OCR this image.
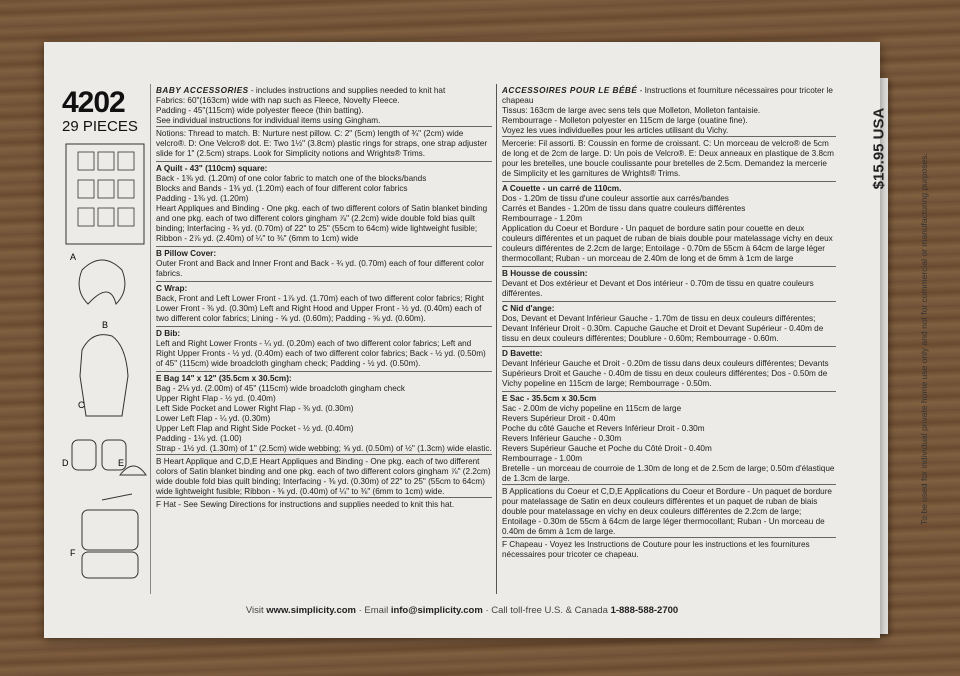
4202
29 PIECES	$15.95 USA
A
B
C
D	E
F

BABY ACCESSORIES - includes instructions and supplies needed to knit hat

Fabrics: 60"(163cm) wide with nap such as Fleece, Novelty Fleece.

Padding - 45"(115cm) wide polyester fleece (thin batting).

See individual instructions for individual items using Gingham.

Notions: Thread to match. B: Nurture nest pillow. C: 2" (5cm) length of ¾" (2cm) wide velcro®. D: One Velcro® dot. E: Two 1½" (3.8cm) plastic rings for straps, one strap adjuster slide for 1" (2.5cm) straps. Look for Simplicity notions and Wrights® Trims.

A Quilt - 43" (110cm) square:

Back - 1⅜ yd. (1.20m) of one color fabric to match one of the blocks/bands

Blocks and Bands - 1⅜ yd. (1.20m) each of four different color fabrics

Padding - 1⅜ yd. (1.20m)

Heart Appliques and Binding - One pkg. each of two different colors of Satin blanket binding and one pkg. each of two different colors gingham ⅞" (2.2cm) wide double fold bias quilt binding; Interfacing - ¾ yd. (0.70m) of 22" to 25" (55cm to 64cm) wide lightweight fusible; Ribbon - 2⅞ yd. (2.40m) of ¼" to ⅜" (6mm to 1cm) wide

B Pillow Cover:

Outer Front and Back and Inner Front and Back - ¾ yd. (0.70m) each of four different color fabrics.

C Wrap:

Back, Front and Left Lower Front - 1⅞ yd. (1.70m) each of two different color fabrics; Right Lower Front - ⅜ yd. (0.30m) Left and Right Hood and Upper Front - ½ yd. (0.40m) each of two different color fabrics; Lining - ⅝ yd. (0.60m); Padding - ⅝ yd. (0.60m).

D Bib:

Left and Right Lower Fronts - ¼ yd. (0.20m) each of two different color fabrics; Left and Right Upper Fronts - ½ yd. (0.40m) each of two different color fabrics; Back - ½ yd. (0.50m) of 45" (115cm) wide broadcloth gingham check; Padding - ½ yd. (0.50m).

E Bag 14" x 12" (35.5cm x 30.5cm):

Bag - 2⅛ yd. (2.00m) of 45" (115cm) wide broadcloth gingham check

Upper Right Flap - ½ yd. (0.40m)

Left Side Pocket and Lower Right Flap - ⅜ yd. (0.30m)

Lower Left Flap - ¼ yd. (0.30m)

Upper Left Flap and Right Side Pocket - ½ yd. (0.40m)

Padding - 1⅛ yd. (1.00)

Strap - 1½ yd. (1.30m) of 1" (2.5cm) wide webbing; ⅝ yd. (0.50m) of ½" (1.3cm) wide elastic.

B Heart Applique and C,D,E Heart Appliques and Binding - One pkg. each of two different colors of Satin blanket binding and one pkg. each of two different colors gingham ⅞" (2.2cm) wide double fold bias quilt binding; Interfacing - ⅜ yd. (0.30m) of 22" to 25" (55cm to 64cm) wide lightweight fusible; Ribbon - ⅜ yd. (0.40m) of ¼" to ⅜" (6mm to 1cm) wide.

F Hat - See Sewing Directions for instructions and supplies needed to knit this hat.

ACCESSOIRES POUR LE BÉBÉ - Instructions et fourniture nécessaires pour tricoter le chapeau

Tissus: 163cm de large avec sens tels que Molleton, Molleton fantaisie.

Rembourrage - Molleton polyester en 115cm de large (ouatine fine).

Voyez les vues individuelles pour les articles utilisant du Vichy.

Mercerie: Fil assorti. B: Coussin en forme de croissant. C: Un morceau de velcro® de 5cm de long et de 2cm de large. D: Un pois de Velcro®. E: Deux anneaux en plastique de 3.8cm pour les bretelles, une boucle coulissante pour bretelles de 2.5cm. Demandez la mercerie de Simplicity et les garnitures de Wrights® Trims.

A Couette - un carré de 110cm.

Dos - 1.20m de tissu d'une couleur assortie aux carrés/bandes

Carrés et Bandes - 1.20m de tissu dans quatre couleurs différentes

Rembourrage - 1.20m

Application du Coeur et Bordure - Un paquet de bordure satin pour couette en deux couleurs différentes et un paquet de ruban de biais double pour matelassage vichy en deux couleurs différentes de 2.2cm de large; Entoilage - 0.70m de 55cm à 64cm de large léger thermocollant; Ruban - un morceau de 2.40m de long et de 6mm à 1cm de large

B Housse de coussin:

Devant et Dos extérieur et Devant et Dos intérieur - 0.70m de tissu en quatre couleurs différentes.

C Nid d'ange:

Dos, Devant et Devant Inférieur Gauche - 1.70m de tissu en deux couleurs différentes; Devant Inférieur Droit - 0.30m. Capuche Gauche et Droit et Devant Supérieur - 0.40m de tissu en deux couleurs différentes; Doublure - 0.60m; Rembourrage - 0.60m.

D Bavette:

Devant Inférieur Gauche et Droit - 0.20m de tissu dans deux couleurs différentes; Devants Supérieurs Droit et Gauche - 0.40m de tissu en deux couleurs différentes; Dos - 0.50m de Vichy popeline en 115cm de large; Rembourrage - 0.50m.

E Sac - 35.5cm x 30.5cm

Sac - 2.00m de vichy popeline en 115cm de large

Revers Supérieur Droit - 0.40m

Poche du côté Gauche et Revers Inférieur Droit - 0.30m

Revers Inférieur Gauche - 0.30m

Revers Supérieur Gauche et Poche du Côté Droit - 0.40m

Rembourrage - 1.00m

Bretelle - un morceau de courroie de 1.30m de long et de 2.5cm de large; 0.50m d'élastique de 1.3cm de large.

B Applications du Coeur et C,D,E Applications du Coeur et Bordure - Un paquet de bordure pour matelassage de Satin en deux couleurs différentes et un paquet de ruban de biais double pour matelassage en vichy en deux couleurs différentes de 2.2cm de large; Entoilage - 0.30m de 55cm à 64cm de large léger thermocollant; Ruban - Un morceau de 0.40m de 6mm à 1cm de large.

F Chapeau - Voyez les Instructions de Couture pour les instructions et les fournitures nécessaires pour tricoter ce chapeau.

To be used for individual private home use only and not for commercial or manufacturing purposes.
Visit www.simplicity.com · Email info@simplicity.com · Call toll-free U.S. & Canada 1-888-588-2700
